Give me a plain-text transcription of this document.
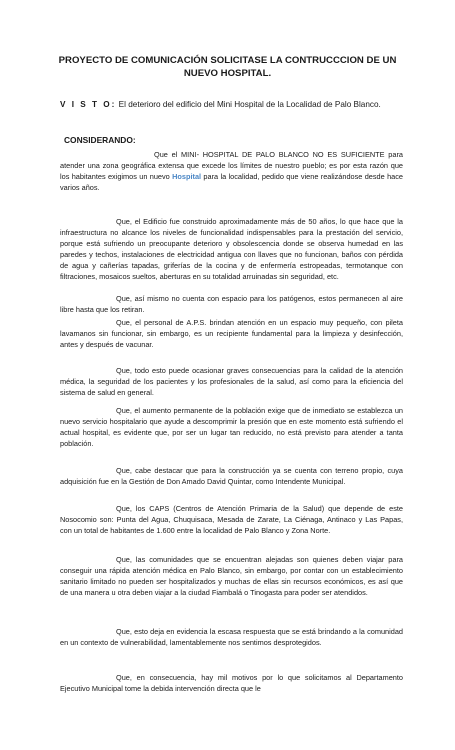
PROYECTO DE COMUNICACIÓN SOLICITASE LA CONTRUCCCION DE UN NUEVO HOSPITAL.
V I S T O: El deterioro del edificio del Mini Hospital de la Localidad de Palo Blanco.
CONSIDERANDO:
Que el MINI- HOSPITAL DE PALO BLANCO NO ES SUFICIENTE para atender una zona geográfica extensa que excede los límites de nuestro pueblo; es por esta razón que los habitantes exigimos un nuevo Hospital para la localidad, pedido que viene realizándose desde hace varios años.
Que, el Edificio fue construido aproximadamente más de 50 años, lo que hace que la infraestructura no alcance los niveles de funcionalidad indispensables para la prestación del servicio, porque está sufriendo un preocupante deterioro y obsolescencia donde se observa humedad en las paredes y techos, instalaciones de electricidad antigua con llaves que no funcionan, baños con pérdida de agua y cañerías tapadas, griferías de la cocina y de enfermería estropeadas, termotanque con filtraciones, mosaicos sueltos, aberturas en su totalidad arruinadas sin seguridad, etc.
Que, así mismo no cuenta con espacio para los patógenos, estos permanecen al aire libre hasta que los retiran.
Que, el personal de A.P.S. brindan atención en un espacio muy pequeño, con pileta lavamanos sin funcionar, sin embargo, es un recipiente fundamental para la limpieza y desinfección, antes y después de vacunar.
Que, todo esto puede ocasionar graves consecuencias para la calidad de la atención médica, la seguridad de los pacientes y los profesionales de la salud, así como para la eficiencia del sistema de salud en general.
Que, el aumento permanente de la población exige que de inmediato se establezca un nuevo servicio hospitalario que ayude a descomprimir la presión que en este momento está sufriendo el actual hospital, es evidente que, por ser un lugar tan reducido, no está previsto para atender a tanta población.
Que, cabe destacar que para la construcción ya se cuenta con terreno propio, cuya adquisición fue en la Gestión de Don Amado David Quintar, como Intendente Municipal.
Que, los CAPS (Centros de Atención Primaria de la Salud) que depende de este Nosocomio son: Punta del Agua, Chuquisaca, Mesada de Zarate, La Ciénaga, Antinaco y Las Papas, con un total de habitantes de 1.600 entre la localidad de Palo Blanco y Zona Norte.
Que, las comunidades que se encuentran alejadas son quienes deben viajar para conseguir una rápida atención médica en Palo Blanco, sin embargo, por contar con un establecimiento sanitario limitado no pueden ser hospitalizados y muchas de ellas sin recursos económicos, es así que de una manera u otra deben viajar a la ciudad Fiambalá o Tinogasta para poder ser atendidos.
Que, esto deja en evidencia la escasa respuesta que se está brindando a la comunidad en un contexto de vulnerabilidad, lamentablemente nos sentimos desprotegidos.
Que, en consecuencia, hay mil motivos por lo que solicitamos al Departamento Ejecutivo Municipal tome la debida intervención directa que le
